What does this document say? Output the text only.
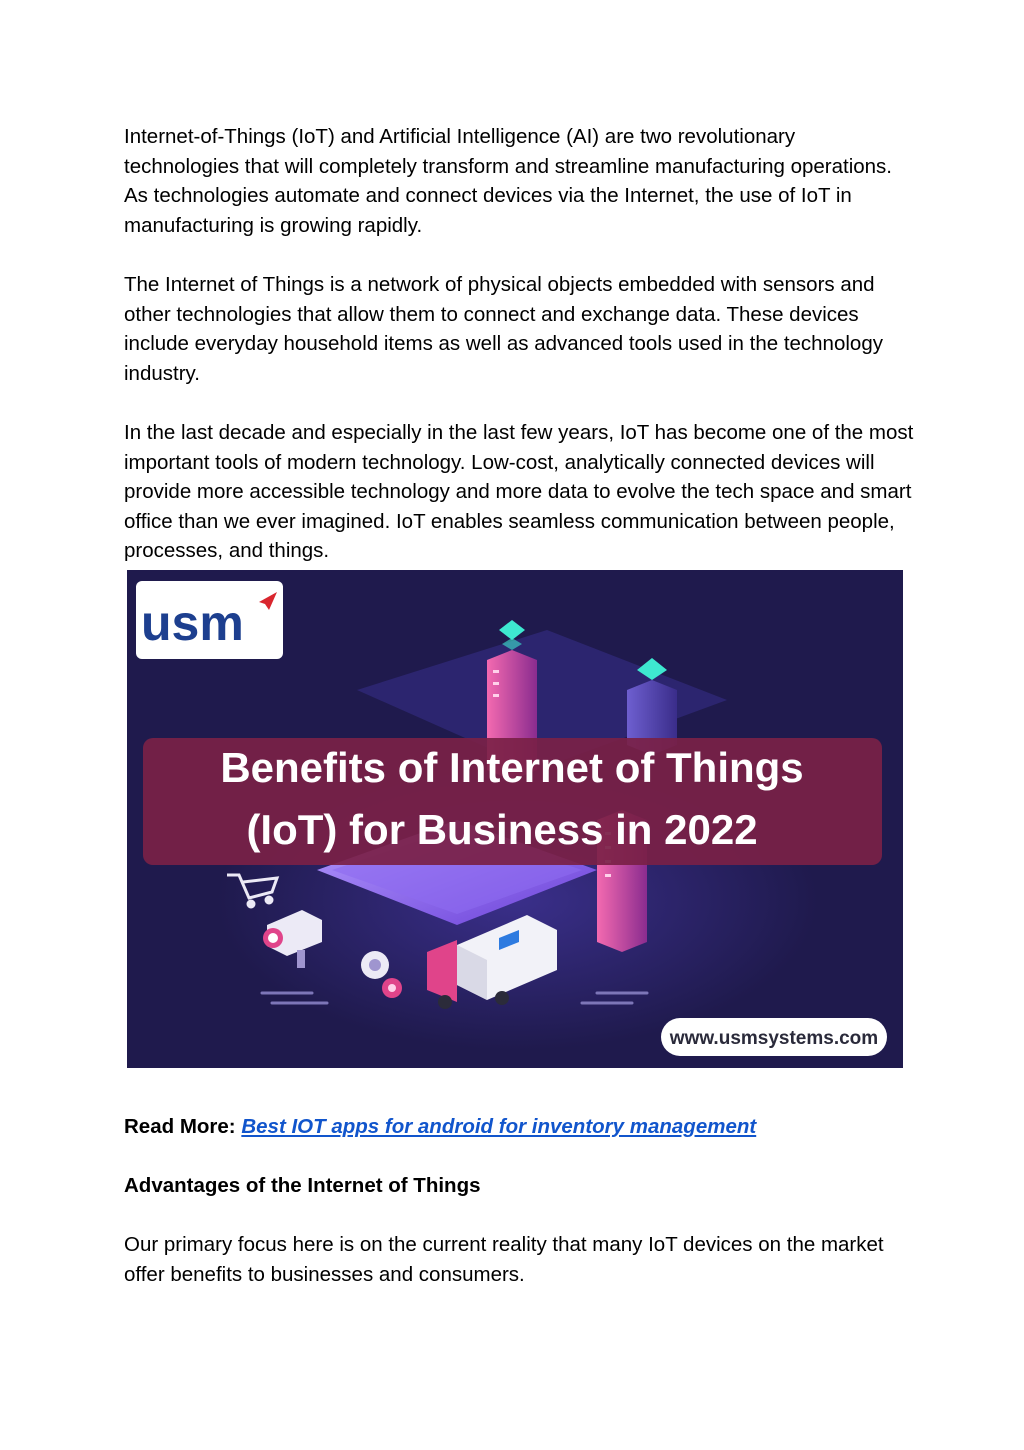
Internet-of-Things (IoT) and Artificial Intelligence (AI) are two revolutionary technologies that will completely transform and streamline manufacturing operations. As technologies automate and connect devices via the Internet, the use of IoT in manufacturing is growing rapidly.

The Internet of Things is a network of physical objects embedded with sensors and other technologies that allow them to connect and exchange data. These devices include everyday household items as well as advanced tools used in the technology industry.

In the last decade and especially in the last few years, IoT has become one of the most important tools of modern technology. Low-cost, analytically connected devices will provide more accessible technology and more data to evolve the tech space and smart office than we ever imagined. IoT enables seamless communication between people, processes, and things.

usm
Benefits of Internet of Things
(IoT) for Business in 2022
www.usmsystems.com
Read More: Best IOT apps for android for inventory management
Advantages of the Internet of Things

Our primary focus here is on the current reality that many IoT devices on the market offer benefits to businesses and consumers.
